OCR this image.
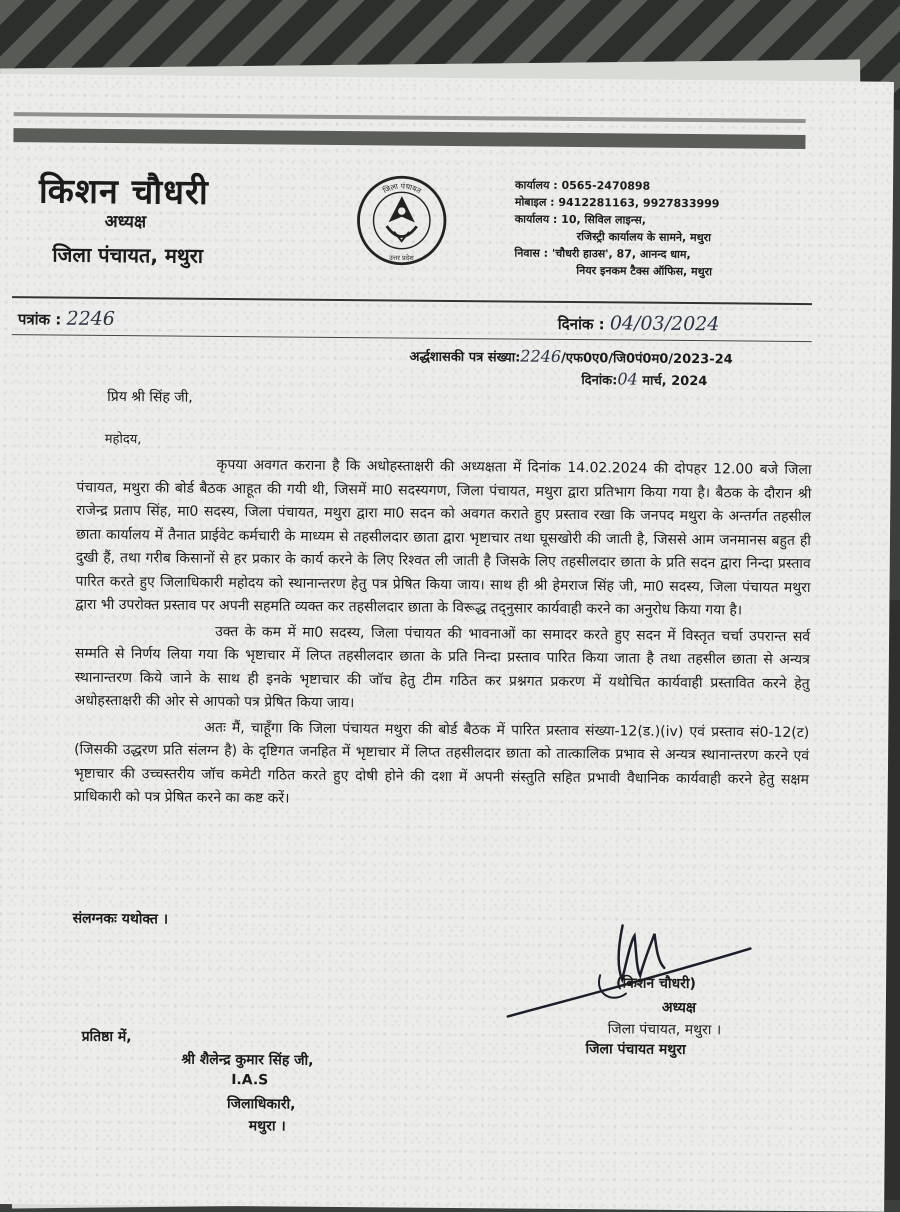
किशन चौधरी
अध्यक्ष
जिला पंचायत, मथुरा
जिला पंचायत
उत्तर प्रदेश
कार्यालय : 0565-2470898
मोबाइल : 9412281163, 9927833999
कार्यालय : 10, सिविल लाइन्स,
रजिस्ट्री कार्यालय के सामने, मथुरा
निवास : 'चौधरी हाउस', 87, आनन्द धाम,
नियर इनकम टैक्स ऑफिस, मथुरा
पत्रांक : 2246	दिनांक : 04/03/2024
अर्द्धशासकी पत्र संख्या:2246/एफ0ए0/जि0पं0म0/2023-24
दिनांक:04 मार्च, 2024
प्रिय श्री सिंह जी,
महोदय,

कृपया अवगत कराना है कि अधोहस्ताक्षरी की अध्यक्षता में दिनांक 14.02.2024 की दोपहर 12.00 बजे जिला पंचायत, मथुरा की बोर्ड बैठक आहूत की गयी थी, जिसमें मा0 सदस्यगण, जिला पंचायत, मथुरा द्वारा प्रतिभाग किया गया है। बैठक के दौरान श्री राजेन्द्र प्रताप सिंह, मा0 सदस्य, जिला पंचायत, मथुरा द्वारा मा0 सदन को अवगत कराते हुए प्रस्ताव रखा कि जनपद मथुरा के अन्तर्गत तहसील छाता कार्यालय में तैनात प्राईवेट कर्मचारी के माध्यम से तहसीलदार छाता द्वारा भृष्टाचार तथा घूसखोरी की जाती है, जिससे आम जनमानस बहुत ही दुखी हैं, तथा गरीब किसानों से हर प्रकार के कार्य करने के लिए रिश्वत ली जाती है जिसके लिए तहसीलदार छाता के प्रति सदन द्वारा निन्दा प्रस्ताव पारित करते हुए जिलाधिकारी महोदय को स्थानान्तरण हेतु पत्र प्रेषित किया जाय। साथ ही श्री हेमराज सिंह जी, मा0 सदस्य, जिला पंचायत मथुरा द्वारा भी उपरोक्त प्रस्ताव पर अपनी सहमति व्यक्त कर तहसीलदार छाता के विरूद्ध तद्नुसार कार्यवाही करने का अनुरोध किया गया है।

उक्त के कम में मा0 सदस्य, जिला पंचायत की भावनाओं का समादर करते हुए सदन में विस्तृत चर्चा उपरान्त सर्व सम्मति से निर्णय लिया गया कि भृष्टाचार में लिप्त तहसीलदार छाता के प्रति निन्दा प्रस्ताव पारित किया जाता है तथा तहसील छाता से अन्यत्र स्थानान्तरण किये जाने के साथ ही इनके भृष्टाचार की जॉच हेतु टीम गठित कर प्रश्नगत प्रकरण में यथोचित कार्यवाही प्रस्तावित करने हेतु अधोहस्ताक्षरी की ओर से आपको पत्र प्रेषित किया जाय।

अतः मैं, चाहूँगा कि जिला पंचायत मथुरा की बोर्ड बैठक में पारित प्रस्ताव संख्या-12(ड.)(iv) एवं प्रस्ताव सं0-12(ट) (जिसकी उद्धरण प्रति संलग्न है) के दृष्टिगत जनहित में भृष्टाचार में लिप्त तहसीलदार छाता को तात्कालिक प्रभाव से अन्यत्र स्थानान्तरण करने एवं भृष्टाचार की उच्चस्तरीय जॉच कमेटी गठित करते हुए दोषी होने की दशा में अपनी संस्तुति सहित प्रभावी वैधानिक कार्यवाही करने हेतु सक्षम प्राधिकारी को पत्र प्रेषित करने का कष्ट करें।

संलग्नकः यथोक्त ।
(किशन चौधरी)
अध्यक्ष
जिला पंचायत, मथुरा ।
जिला पंचायत मथुरा
प्रतिष्ठा में,
श्री शैलेन्द्र कुमार सिंह जी,
I.A.S
जिलाधिकारी,
मथुरा ।
